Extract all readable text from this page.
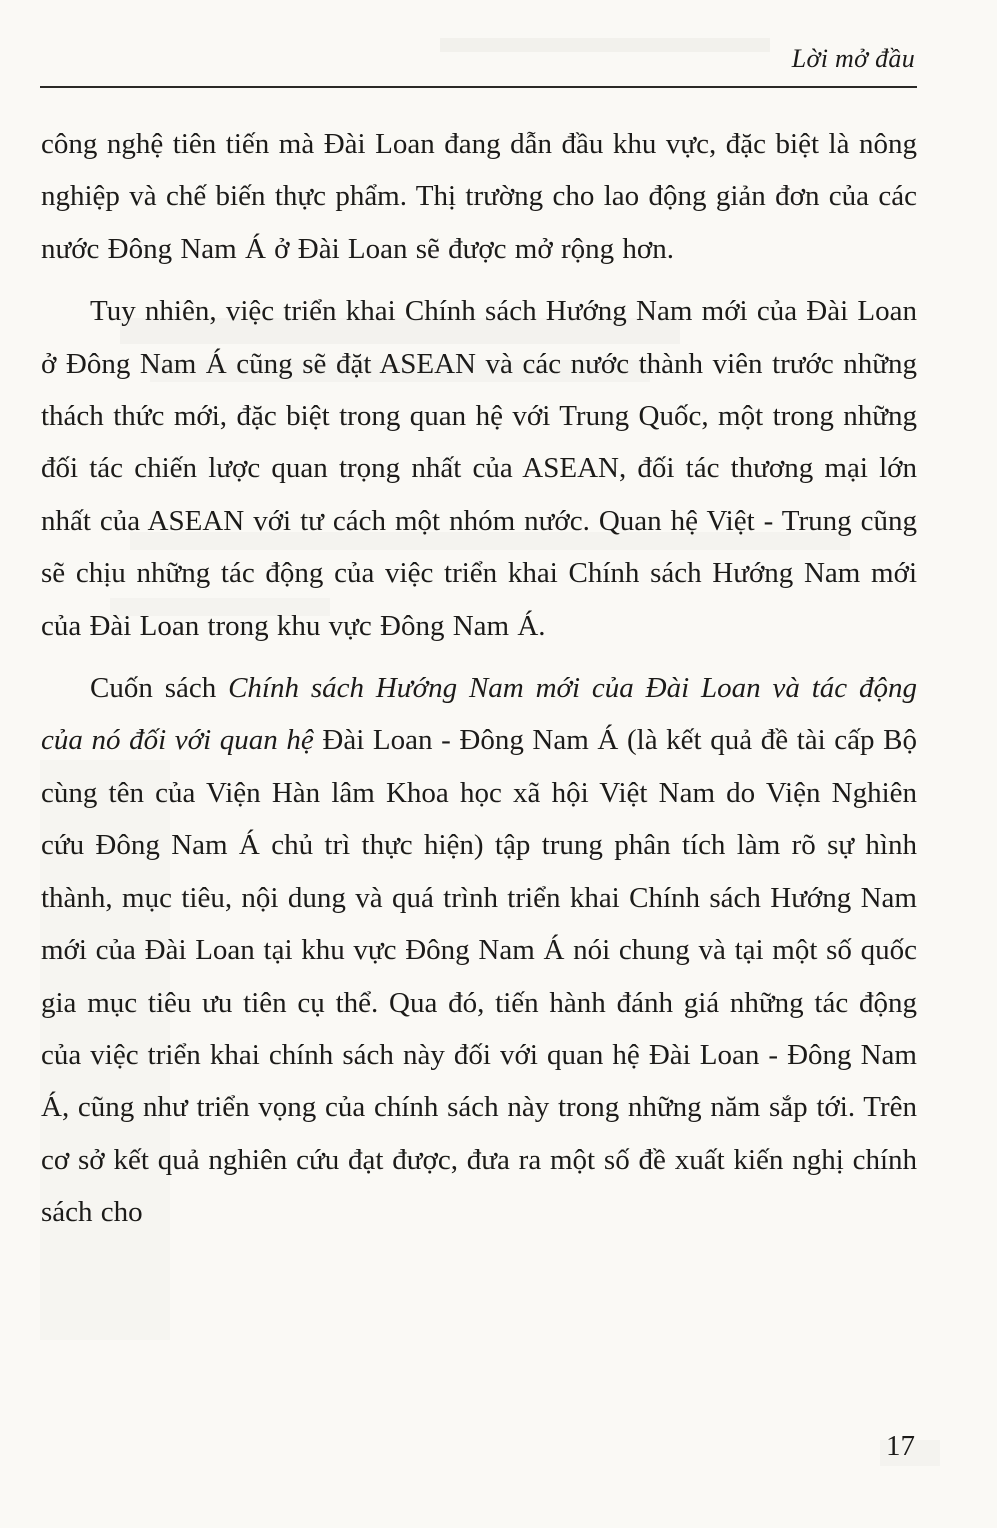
Lời mở đầu

công nghệ tiên tiến mà Đài Loan đang dẫn đầu khu vực, đặc biệt là nông nghiệp và chế biến thực phẩm. Thị trường cho lao động giản đơn của các nước Đông Nam Á ở Đài Loan sẽ được mở rộng hơn.

Tuy nhiên, việc triển khai Chính sách Hướng Nam mới của Đài Loan ở Đông Nam Á cũng sẽ đặt ASEAN và các nước thành viên trước những thách thức mới, đặc biệt trong quan hệ với Trung Quốc, một trong những đối tác chiến lược quan trọng nhất của ASEAN, đối tác thương mại lớn nhất của ASEAN với tư cách một nhóm nước. Quan hệ Việt - Trung cũng sẽ chịu những tác động của việc triển khai Chính sách Hướng Nam mới của Đài Loan trong khu vực Đông Nam Á.

Cuốn sách Chính sách Hướng Nam mới của Đài Loan và tác động của nó đối với quan hệ Đài Loan - Đông Nam Á (là kết quả đề tài cấp Bộ cùng tên của Viện Hàn lâm Khoa học xã hội Việt Nam do Viện Nghiên cứu Đông Nam Á chủ trì thực hiện) tập trung phân tích làm rõ sự hình thành, mục tiêu, nội dung và quá trình triển khai Chính sách Hướng Nam mới của Đài Loan tại khu vực Đông Nam Á nói chung và tại một số quốc gia mục tiêu ưu tiên cụ thể. Qua đó, tiến hành đánh giá những tác động của việc triển khai chính sách này đối với quan hệ Đài Loan - Đông Nam Á, cũng như triển vọng của chính sách này trong những năm sắp tới. Trên cơ sở kết quả nghiên cứu đạt được, đưa ra một số đề xuất kiến nghị chính sách cho

17
